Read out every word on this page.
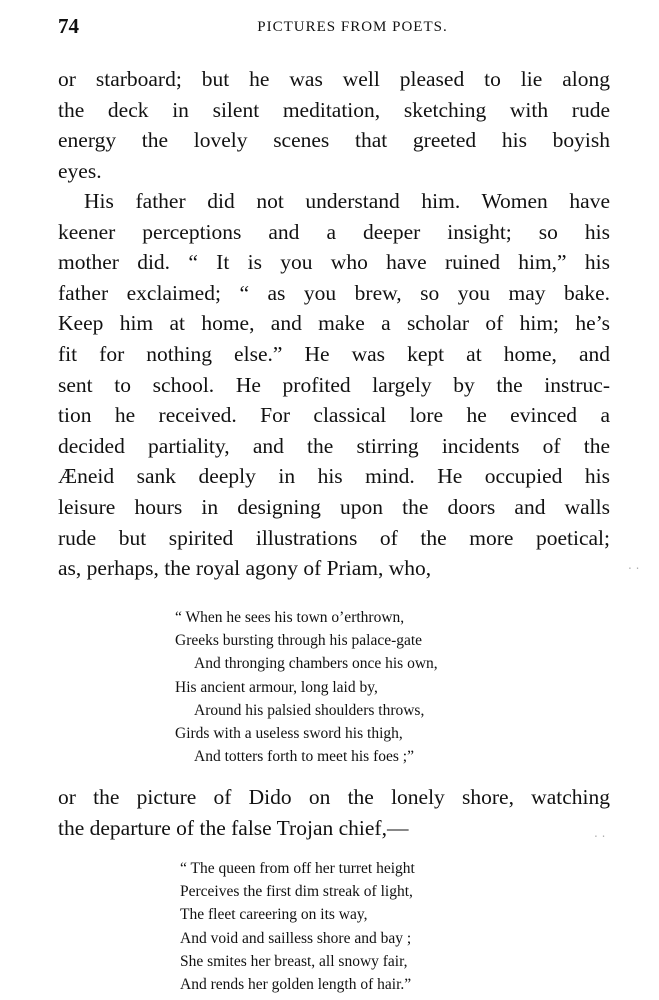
74	PICTURES FROM POETS.
or starboard; but he was well pleased to lie along
the deck in silent meditation, sketching with rude
energy the lovely scenes that greeted his boyish
eyes.
His father did not understand him. Women have
keener perceptions and a deeper insight; so his
mother did. “ It is you who have ruined him,” his
father exclaimed; “ as you brew, so you may bake.
Keep him at home, and make a scholar of him; he’s
fit for nothing else.” He was kept at home, and
sent to school. He profited largely by the instruc-
tion he received. For classical lore he evinced a
decided partiality, and the stirring incidents of the
Æneid sank deeply in his mind. He occupied his
leisure hours in designing upon the doors and walls
rude but spirited illustrations of the more poetical;
as, perhaps, the royal agony of Priam, who,
“ When he sees his town o’erthrown,
Greeks bursting through his palace-gate
And thronging chambers once his own,
His ancient armour, long laid by,
Around his palsied shoulders throws,
Girds with a useless sword his thigh,
And totters forth to meet his foes ;”
or the picture of Dido on the lonely shore, watching
the departure of the false Trojan chief,—
“ The queen from off her turret height
Perceives the first dim streak of light,
The fleet careering on its way,
And void and sailless shore and bay ;
She smites her breast, all snowy fair,
And rends her golden length of hair.”
. .
. .
